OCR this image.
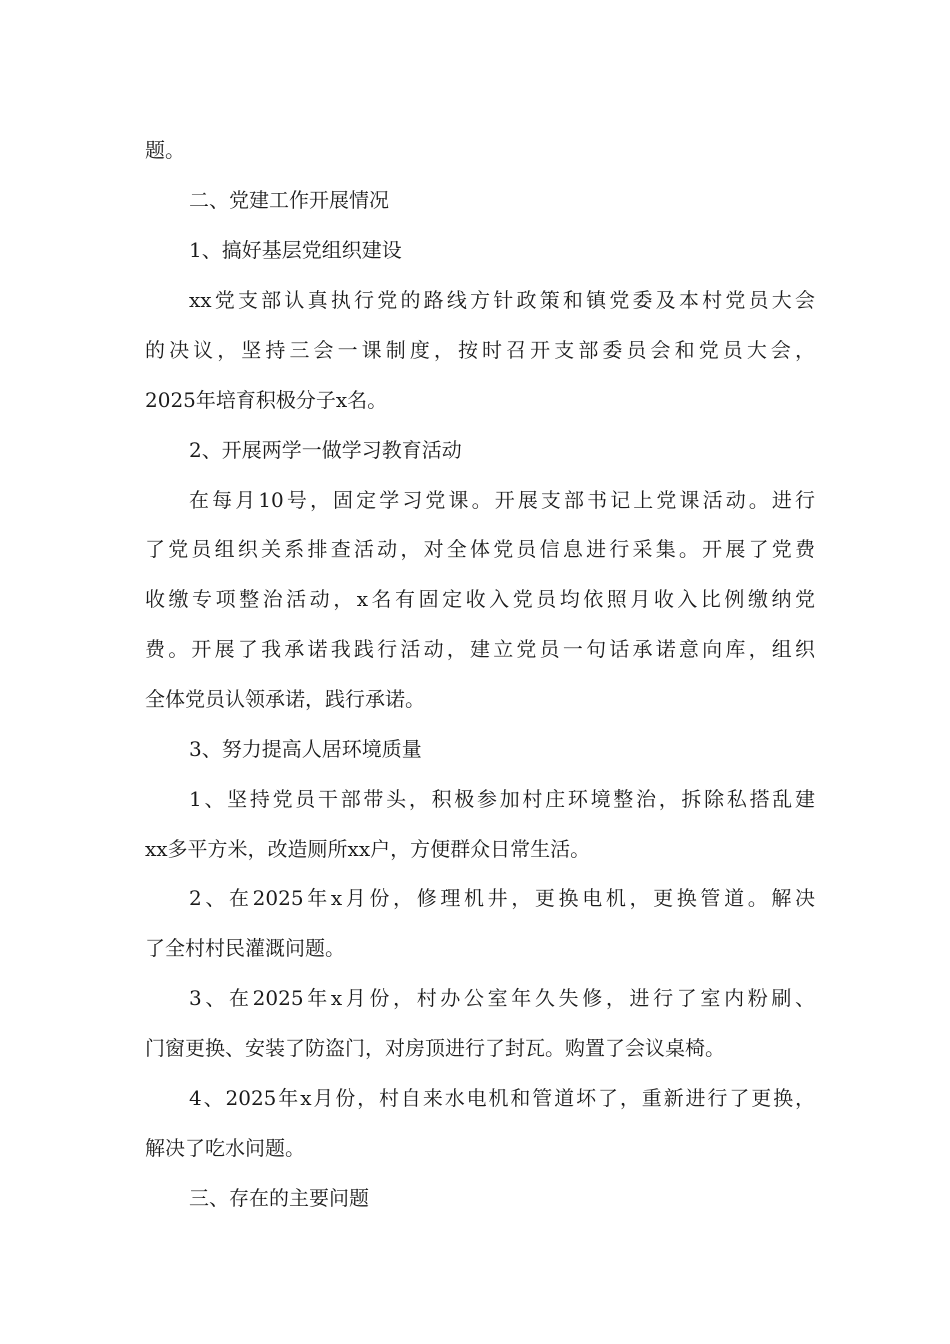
题。
二、党建工作开展情况
1、搞好基层党组织建设
xx党支部认真执行党的路线方针政策和镇党委及本村党员大会
的决议，坚持三会一课制度，按时召开支部委员会和党员大会，
2025年培育积极分子x名。
2、开展两学一做学习教育活动
在每月10号，固定学习党课。开展支部书记上党课活动。进行
了党员组织关系排查活动，对全体党员信息进行采集。开展了党费
收缴专项整治活动，x名有固定收入党员均依照月收入比例缴纳党
费。开展了我承诺我践行活动，建立党员一句话承诺意向库，组织
全体党员认领承诺，践行承诺。
3、努力提高人居环境质量
1、坚持党员干部带头，积极参加村庄环境整治，拆除私搭乱建
xx多平方米，改造厕所xx户，方便群众日常生活。
2、在2025年x月份，修理机井，更换电机，更换管道。解决
了全村村民灌溉问题。
3、在2025年x月份，村办公室年久失修，进行了室内粉刷、
门窗更换、安装了防盗门，对房顶进行了封瓦。购置了会议桌椅。
4、2025年x月份，村自来水电机和管道坏了，重新进行了更换，
解决了吃水问题。
三、存在的主要问题
